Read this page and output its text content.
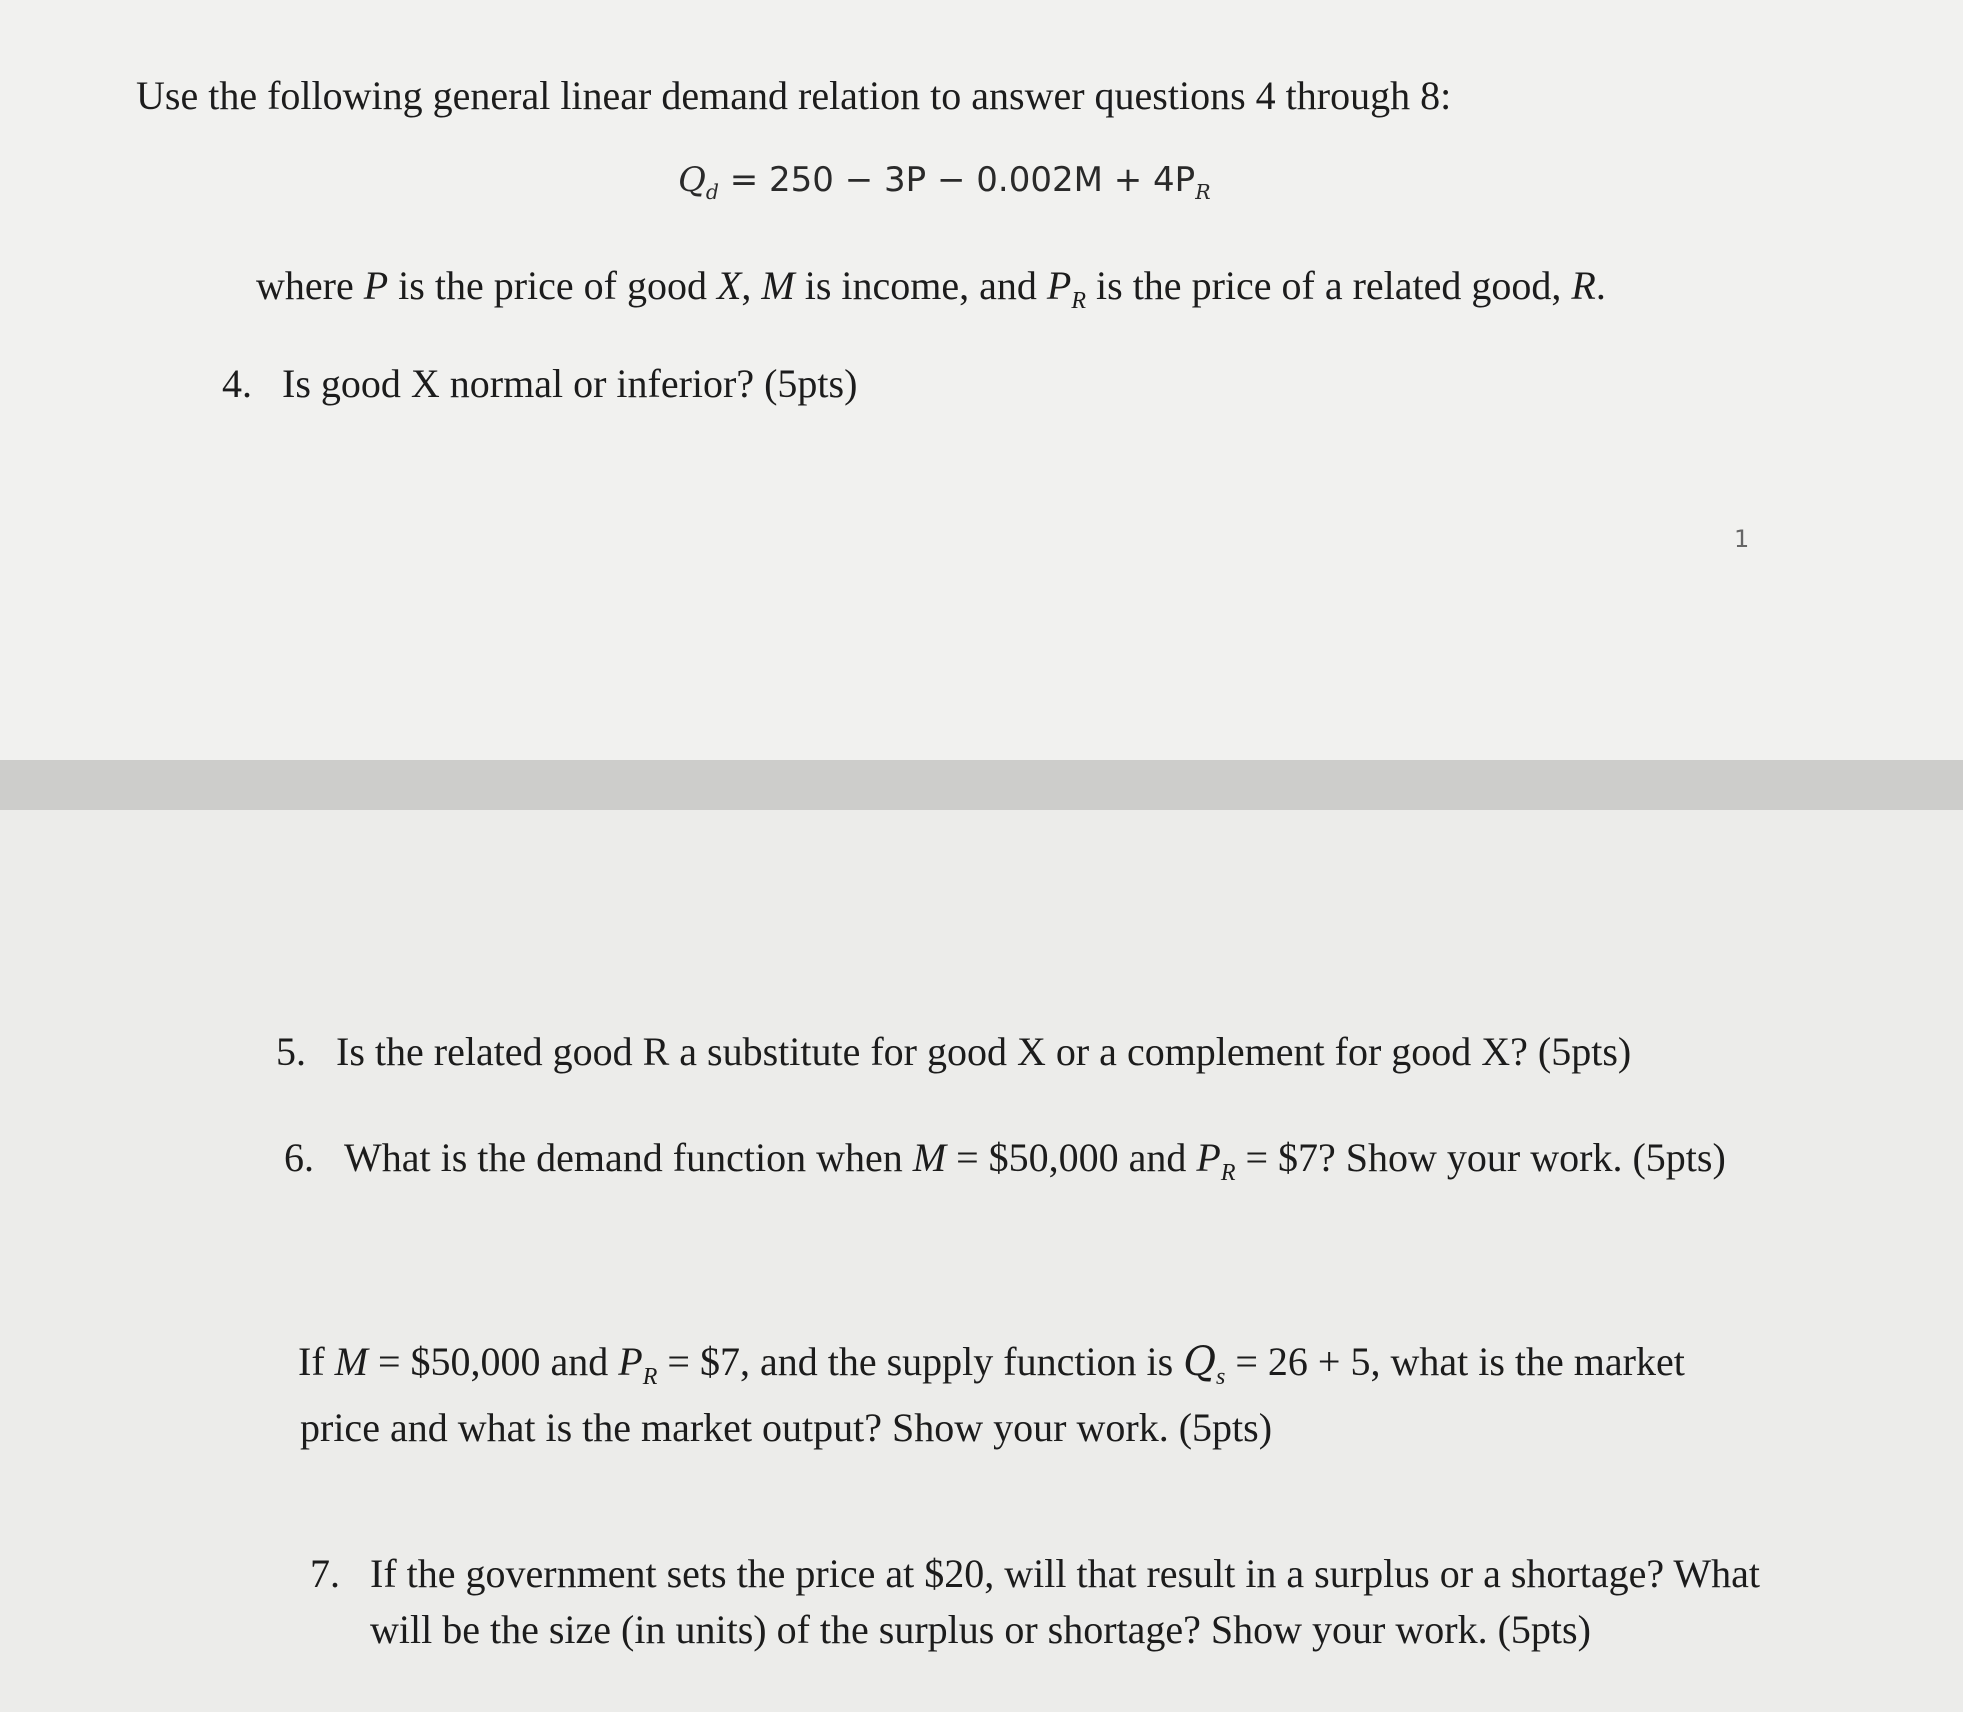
Use the following general linear demand relation to answer questions 4 through 8:
$Q_d = 250 - 3P - 0.002M + 4P_R$
where P is the price of good X, M is income, and $P_R$ is the price of a related good, R.
4. Is good X normal or inferior? (5pts)
1
5. Is the related good R a substitute for good X or a complement for good X? (5pts)
6. What is the demand function when M = $50,000 and $P_R$ = $7? Show your work. (5pts)
If M = $50,000 and $P_R$ = $7, and the supply function is $Q_s = 26 + 5$, what is the market
price and what is the market output? Show your work. (5pts)
7. If the government sets the price at $20, will that result in a surplus or a shortage? What
will be the size (in units) of the surplus or shortage? Show your work. (5pts)
